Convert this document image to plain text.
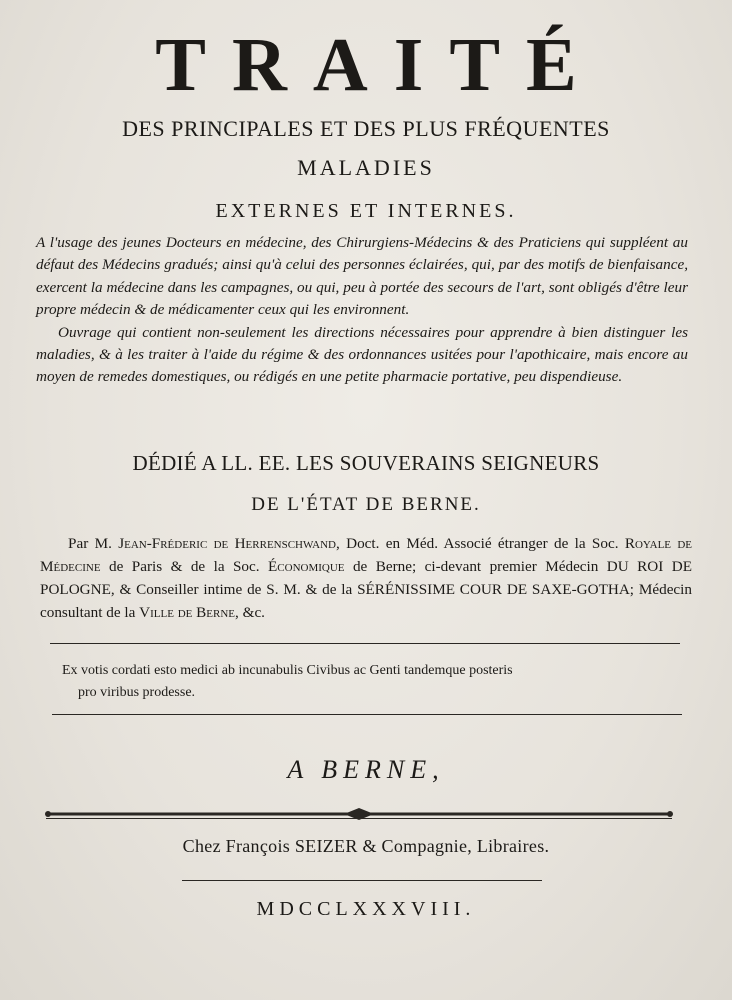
TRAITÉ
DES PRINCIPALES ET DES PLUS FRÉQUENTES
MALADIES
EXTERNES ET INTERNES.

A l'usage des jeunes Docteurs en médecine, des Chirurgiens-Médecins & des Praticiens qui suppléent au défaut des Médecins gradués; ainsi qu'à celui des personnes éclairées, qui, par des motifs de bienfaisance, exercent la médecine dans les campagnes, ou qui, peu à portée des secours de l'art, sont obligés d'être leur propre médecin & de médicamenter ceux qui les environnent.

Ouvrage qui contient non-seulement les directions nécessaires pour apprendre à bien distinguer les maladies, & à les traiter à l'aide du régime & des ordonnances usitées pour l'apothicaire, mais encore au moyen de remedes domestiques, ou rédigés en une petite pharmacie portative, peu dispendieuse.

DÉDIÉ A LL. EE. LES SOUVERAINS SEIGNEURS
DE L'ÉTAT DE BERNE.

Par M. Jean-Fréderic de Herrenschwand, Doct. en Méd. Associé étranger de la Soc. Royale de Médecine de Paris & de la Soc. Économique de Berne; ci-devant premier Médecin DU ROI DE POLOGNE, & Conseiller intime de S. M. & de la SÉRÉNISSIME COUR DE SAXE-GOTHA; Médecin consultant de la Ville de Berne, &c.

Ex votis cordati esto medici ab incunabulis Civibus ac Genti tandemque posteris

pro viribus prodesse.

A BERNE,
Chez François SEIZER & Compagnie, Libraires.
MDCCLXXXVIII.
